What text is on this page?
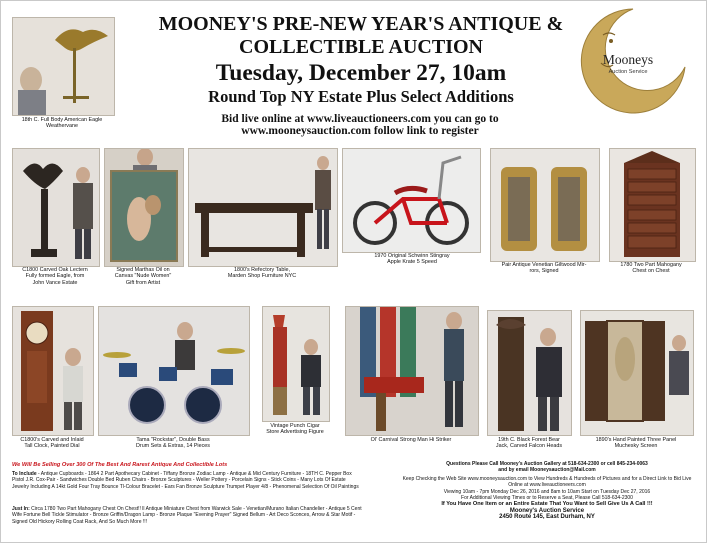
18th C. Full Body American Eagle
Weathervane
MOONEY'S PRE-NEW YEAR'S ANTIQUE &
COLLECTIBLE AUCTION
Tuesday, December 27, 10am
Round Top NY Estate Plus Select Additions
Bid live online at www.liveauctioneers.com you can go to
www.mooneysauction.com follow link to register
Mooneys
Auction Service
C1800 Carved Oak Lectern
Fully formed Eagle, from
John Vance Estate
Signed Marthas Oil on
Canvas "Nude Women"
Gift from Artist
1800's Refectory Table,
Marden Shop Furniture NYC
1970 Original Schwinn Stingray
Apple Krate 5 Speed	Pair Antique Venetian Giltwood Mir-
rors, Signed
1780 Two Part Mahogany
Chest on Chest
C1800's Carved and Inlaid
Tall Clock, Painted Dial
Tama "Rockstar", Double Bass
Drum Sets & Extras, 14 Pieces
Vintage Punch Cigar
Store Advertising Figure
Ol' Carnival Strong Man Hi Striker	19th C. Black Forest Bear
Jack, Carved Falcon Heads
1890's Hand Painted Three Panel
Muchesky Screen
We Will Be Selling Over 300 Of The Best And Rarest Antique And Collectible Lots
To Include - Antique Cupboards - 1864 2 Part Apothecary Cabinet - Tiffany Bronze Zodiac Lamp - Antique & Mid Century Furniture - 18TH C. Pepper Box Pistol J.R. Cox-Pair - Sandwiches Double Bed Ruben Chairs - Bronze Sculptures - Weller Pottery - Porcelain Signs - Stick Coins - Many Lots Of Estate Jewelry Including A 14kt Gold Four Tray Bounce Tl-Colour Bracelet - Ears Fan Bronze Sculpture Trumpet Player 4/8 - Phenomenal Selection Of Oil Paintings
Just In: Circa 1780 Two Part Mahogany Chest On Chest!! ll Antique Miniature Chest from Warwick Sale - Venetian/Murano Italian Chandelier - Antique 5 Cent Wife Fortune Bell Tickle Stimulator - Bronze Griffin/Dragon Lamp - Bronze Plaque "Evening Prayer" Signed Bellum - Art Deco Sconces, Arrow & Star Motif - Signed Old Hickory Rolling Coat Rack, And So Much More !!!
Questions Please Call Mooney's Auction Gallery at 518-634-2300 or cell 845-234-0063
and by email Mooneysauction@Mail.com
Keep Checking the Web Site www.mooneysauction.com to View Hundreds & Hundreds of Pictures and for a Direct Link to Bid Live Online at www.liveauctioneers.com
Viewing 10am - 7pm Monday Dec 26, 2016 and 8am to 10am Start on Tuesday Dec 27, 2016
For Additional Viewing Times or to Reserve a Seat, Please Call 518-634-2300
If You Have One Item or an Entire Estate That You Want to Sell Give Us A Call !!!
Mooney's Auction Service
2450 Route 145, East Durham, NY
